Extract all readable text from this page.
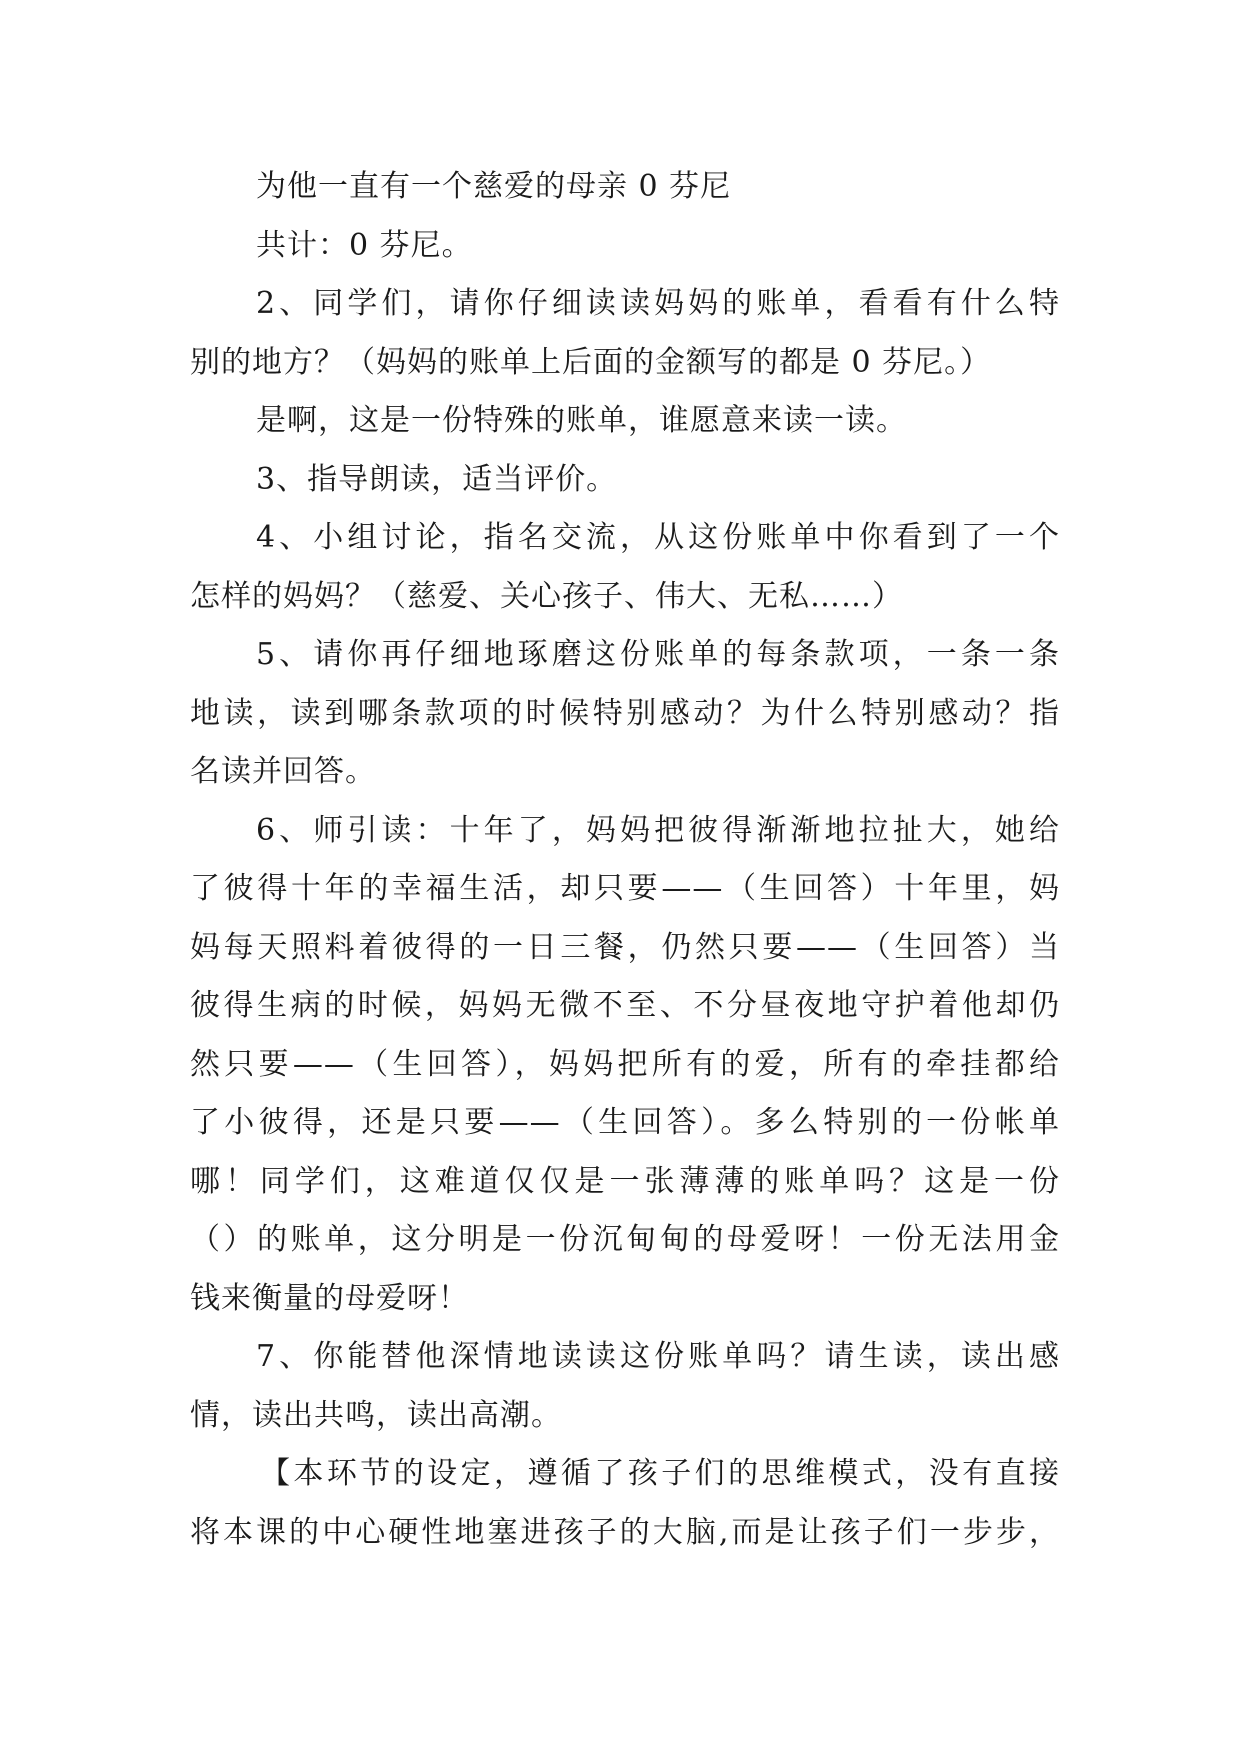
为他一直有一个慈爱的母亲 0 芬尼
共计：0 芬尼。
2、同学们，请你仔细读读妈妈的账单，看看有什么特
别的地方？（妈妈的账单上后面的金额写的都是 0 芬尼。）
是啊，这是一份特殊的账单，谁愿意来读一读。
3、指导朗读，适当评价。
4、小组讨论，指名交流，从这份账单中你看到了一个
怎样的妈妈？（慈爱、关心孩子、伟大、无私……）
5、请你再仔细地琢磨这份账单的每条款项，一条一条
地读，读到哪条款项的时候特别感动？为什么特别感动？指
名读并回答。
6、师引读：十年了，妈妈把彼得渐渐地拉扯大，她给
了彼得十年的幸福生活，却只要——（生回答）十年里，妈
妈每天照料着彼得的一日三餐，仍然只要——（生回答）当
彼得生病的时候，妈妈无微不至、不分昼夜地守护着他却仍
然只要——（生回答），妈妈把所有的爱，所有的牵挂都给
了小彼得，还是只要——（生回答）。多么特别的一份帐单
哪！同学们，这难道仅仅是一张薄薄的账单吗？这是一份
（）的账单，这分明是一份沉甸甸的母爱呀！一份无法用金
钱来衡量的母爱呀！
7、你能替他深情地读读这份账单吗？请生读，读出感
情，读出共鸣，读出高潮。
【本环节的设定，遵循了孩子们的思维模式，没有直接
将本课的中心硬性地塞进孩子的大脑,而是让孩子们一步步，
